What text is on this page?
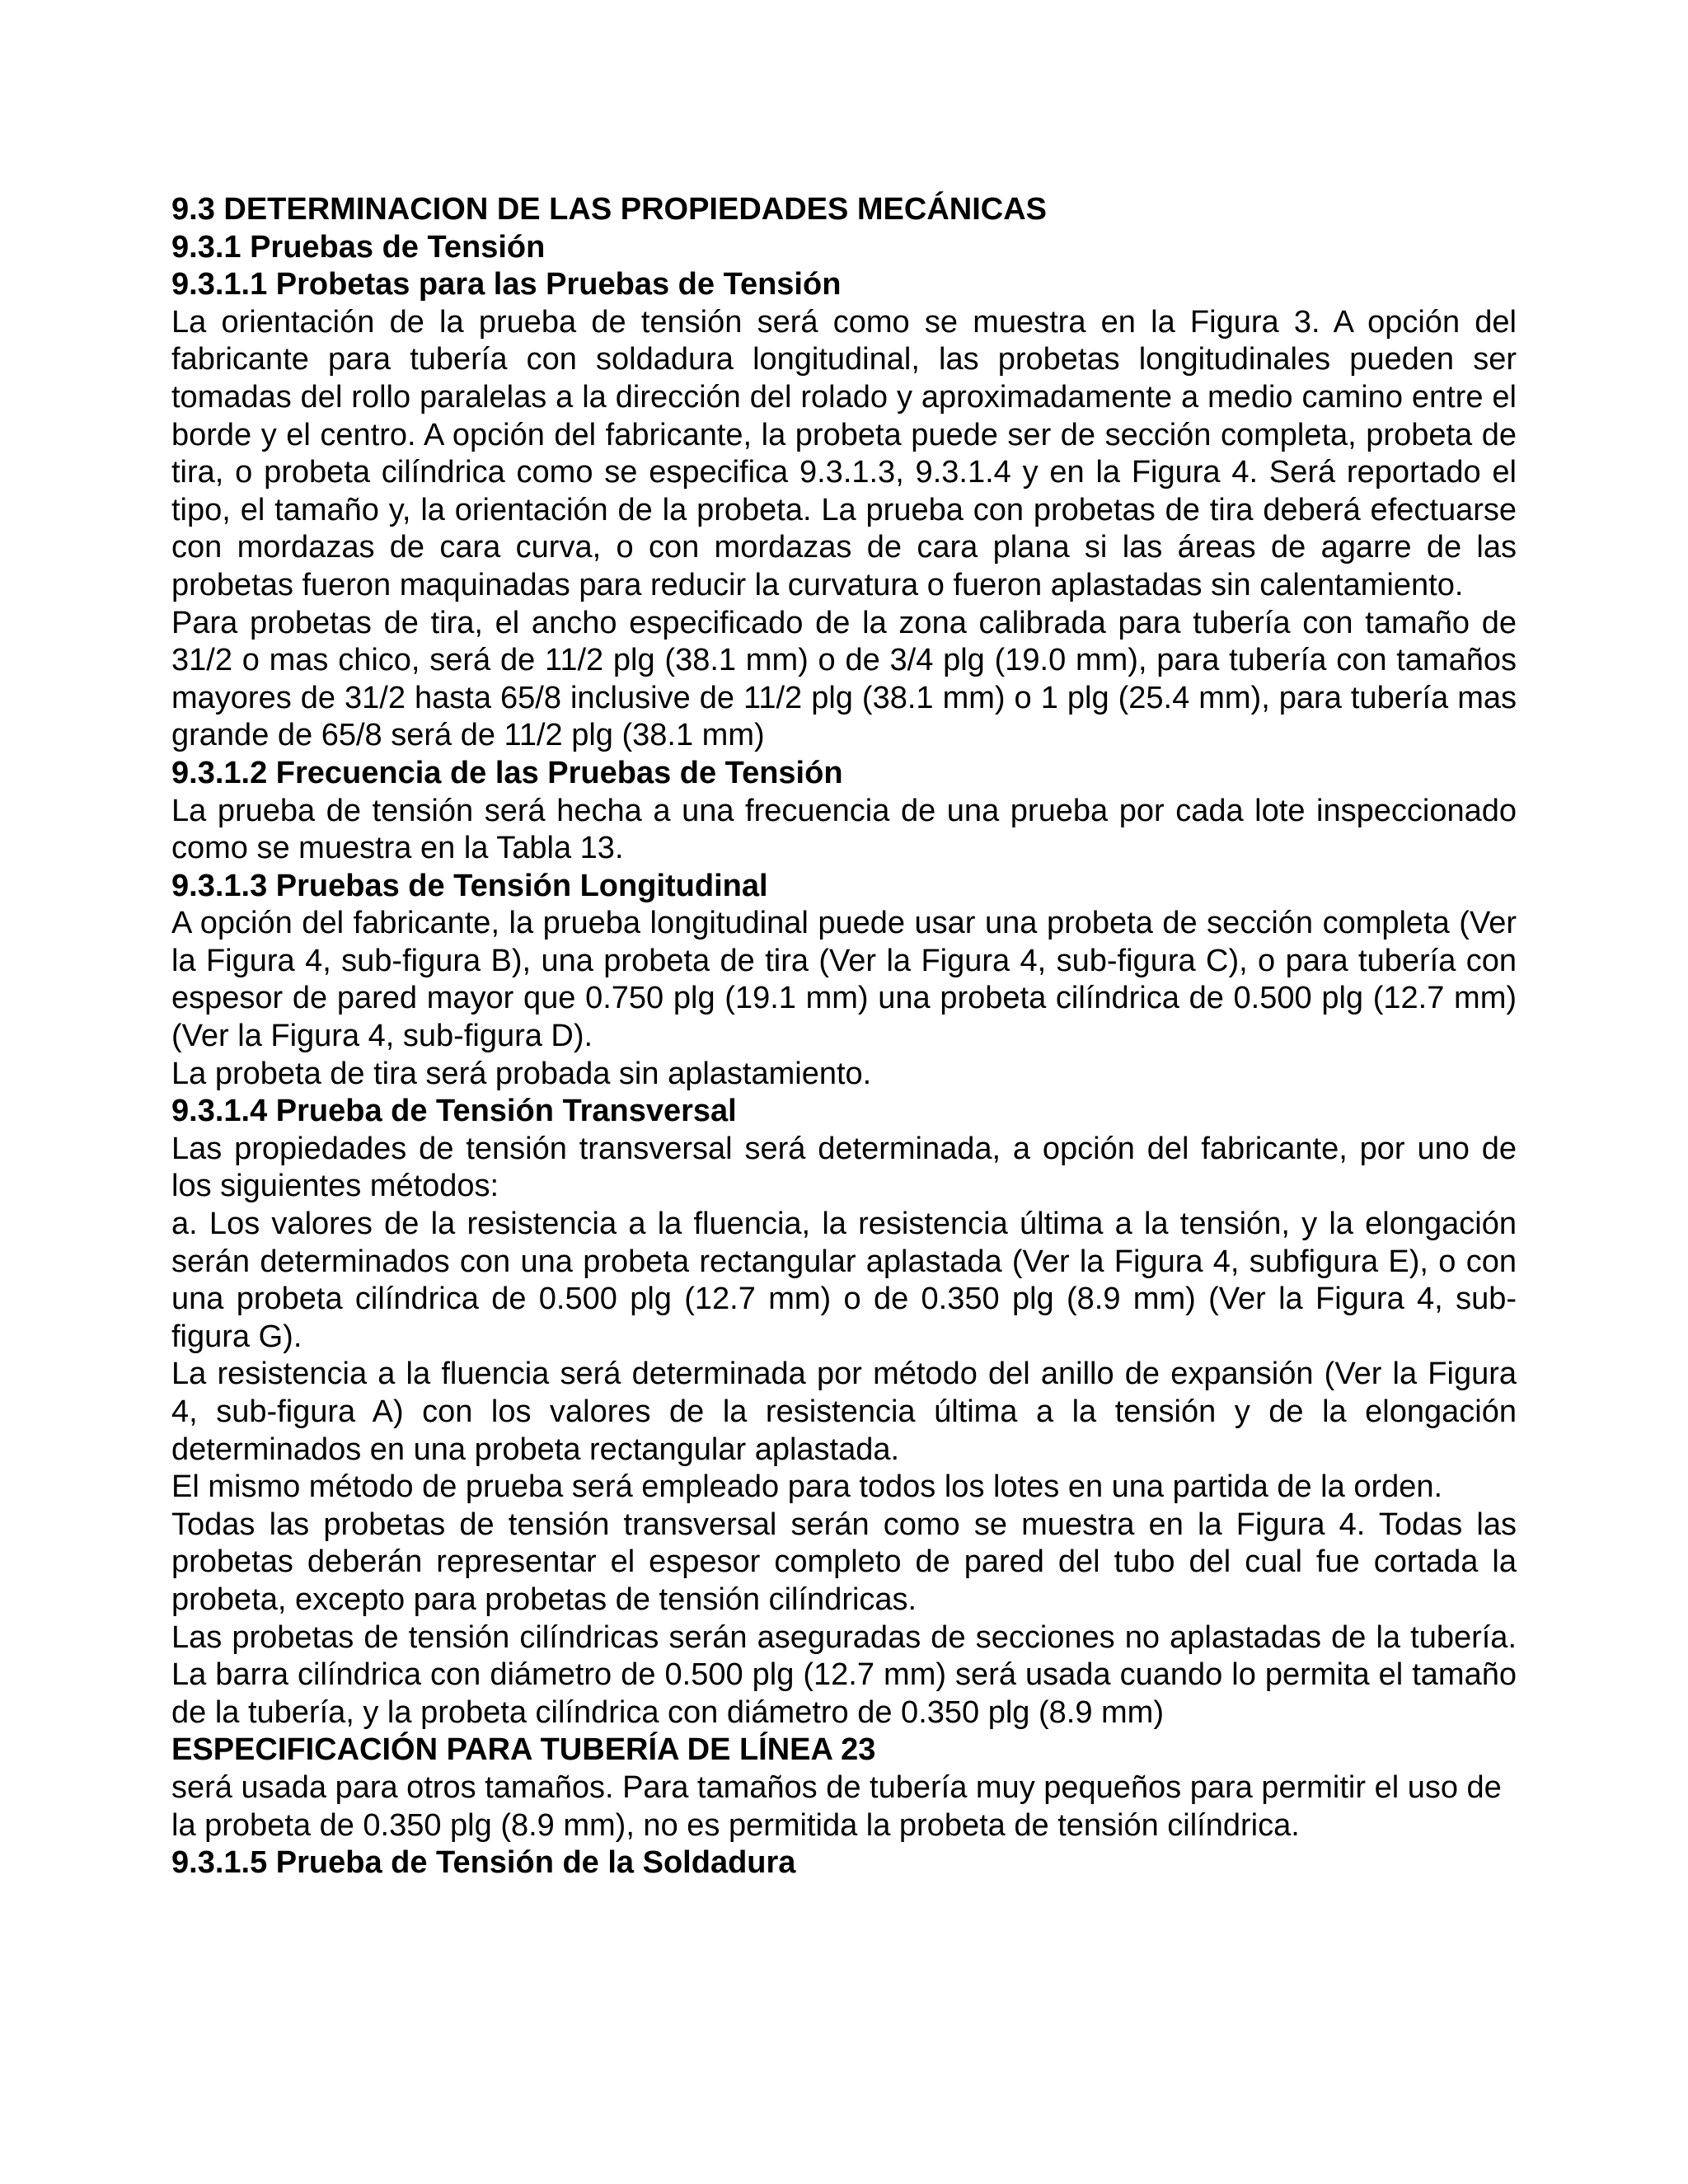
9.3 DETERMINACION DE LAS PROPIEDADES MECÁNICAS
9.3.1 Pruebas de Tensión
9.3.1.1 Probetas para las Pruebas de Tensión

La orientación de la prueba de tensión será como se muestra en la Figura 3. A opción del fabricante para tubería con soldadura longitudinal, las probetas longitudinales pueden ser tomadas del rollo paralelas a la dirección del rolado y aproximadamente a medio camino entre el borde y el centro. A opción del fabricante, la probeta puede ser de sección completa, probeta de tira, o probeta cilíndrica como se especifica 9.3.1.3, 9.3.1.4 y en la Figura 4. Será reportado el tipo, el tamaño y, la orientación de la probeta. La prueba con probetas de tira deberá efectuarse con mordazas de cara curva, o con mordazas de cara plana si las áreas de agarre de las probetas fueron maquinadas para reducir la curvatura o fueron aplastadas sin calentamiento.

Para probetas de tira, el ancho especificado de la zona calibrada para tubería con tamaño de 31/2 o mas chico, será de 11/2 plg (38.1 mm) o de 3/4 plg (19.0 mm), para tubería con tamaños mayores de 31/2 hasta 65/8 inclusive de 11/2 plg (38.1 mm) o 1 plg (25.4 mm), para tubería mas grande de 65/8 será de 11/2 plg (38.1 mm)

9.3.1.2 Frecuencia de las Pruebas de Tensión

La prueba de tensión será hecha a una frecuencia de una prueba por cada lote inspeccionado como se muestra en la Tabla 13.

9.3.1.3 Pruebas de Tensión Longitudinal

A opción del fabricante, la prueba longitudinal puede usar una probeta de sección completa (Ver la Figura 4, sub-figura B), una probeta de tira (Ver la Figura 4, sub-figura C), o para tubería con espesor de pared mayor que 0.750 plg (19.1 mm) una probeta cilíndrica de 0.500 plg (12.7 mm) (Ver la Figura 4, sub-figura D).

La probeta de tira será probada sin aplastamiento.

9.3.1.4 Prueba de Tensión Transversal

Las propiedades de tensión transversal será determinada, a opción del fabricante, por uno de los siguientes métodos:

a. Los valores de la resistencia a la fluencia, la resistencia última a la tensión, y la elongación serán determinados con una probeta rectangular aplastada (Ver la Figura 4, subfigura E), o con una probeta cilíndrica de 0.500 plg (12.7 mm) o de 0.350 plg (8.9 mm) (Ver la Figura 4, sub-figura G).

La resistencia a la fluencia será determinada por método del anillo de expansión (Ver la Figura 4, sub-figura A) con los valores de la resistencia última a la tensión y de la elongación determinados en una probeta rectangular aplastada.

El mismo método de prueba será empleado para todos los lotes en una partida de la orden.

Todas las probetas de tensión transversal serán como se muestra en la Figura 4. Todas las probetas deberán representar el espesor completo de pared del tubo del cual fue cortada la probeta, excepto para probetas de tensión cilíndricas.

Las probetas de tensión cilíndricas serán aseguradas de secciones no aplastadas de la tubería. La barra cilíndrica con diámetro de 0.500 plg (12.7 mm) será usada cuando lo permita el tamaño de la tubería, y la probeta cilíndrica con diámetro de 0.350 plg (8.9 mm)

ESPECIFICACIÓN PARA TUBERÍA DE LÍNEA 23

será usada para otros tamaños. Para tamaños de tubería muy pequeños para permitir el uso de la probeta de 0.350 plg (8.9 mm), no es permitida la probeta de tensión cilíndrica.

9.3.1.5 Prueba de Tensión de la Soldadura
